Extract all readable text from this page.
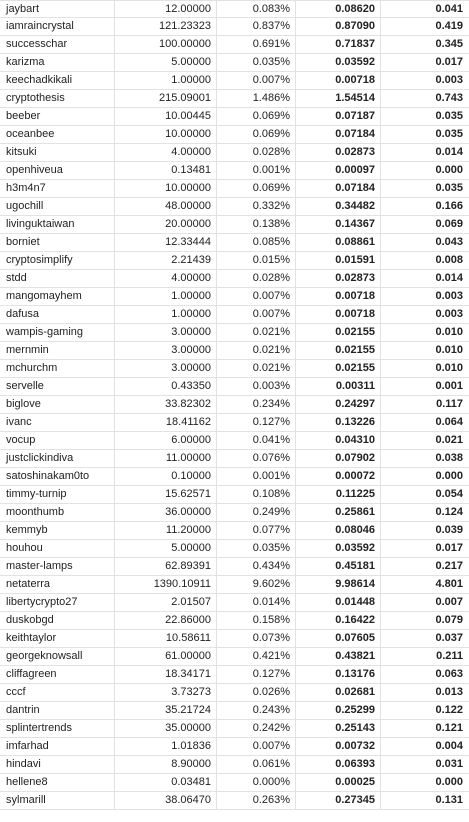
jaybart	12.00000	0.083%	0.08620	0.041
iamraincrystal	121.23323	0.837%	0.87090	0.419
successchar	100.00000	0.691%	0.71837	0.345
karizma	5.00000	0.035%	0.03592	0.017
keechadkikali	1.00000	0.007%	0.00718	0.003
cryptothesis	215.09001	1.486%	1.54514	0.743
beeber	10.00445	0.069%	0.07187	0.035
oceanbee	10.00000	0.069%	0.07184	0.035
kitsuki	4.00000	0.028%	0.02873	0.014
openhiveua	0.13481	0.001%	0.00097	0.000
h3m4n7	10.00000	0.069%	0.07184	0.035
ugochill	48.00000	0.332%	0.34482	0.166
livinguktaiwan	20.00000	0.138%	0.14367	0.069
borniet	12.33444	0.085%	0.08861	0.043
cryptosimplify	2.21439	0.015%	0.01591	0.008
stdd	4.00000	0.028%	0.02873	0.014
mangomayhem	1.00000	0.007%	0.00718	0.003
dafusa	1.00000	0.007%	0.00718	0.003
wampis-gaming	3.00000	0.021%	0.02155	0.010
mernmin	3.00000	0.021%	0.02155	0.010
mchurchm	3.00000	0.021%	0.02155	0.010
servelle	0.43350	0.003%	0.00311	0.001
biglove	33.82302	0.234%	0.24297	0.117
ivanc	18.41162	0.127%	0.13226	0.064
vocup	6.00000	0.041%	0.04310	0.021
justclickindiva	11.00000	0.076%	0.07902	0.038
satoshinakam0to	0.10000	0.001%	0.00072	0.000
timmy-turnip	15.62571	0.108%	0.11225	0.054
moonthumb	36.00000	0.249%	0.25861	0.124
kemmyb	11.20000	0.077%	0.08046	0.039
houhou	5.00000	0.035%	0.03592	0.017
master-lamps	62.89391	0.434%	0.45181	0.217
netaterra	1390.10911	9.602%	9.98614	4.801
libertycrypto27	2.01507	0.014%	0.01448	0.007
duskobgd	22.86000	0.158%	0.16422	0.079
keithtaylor	10.58611	0.073%	0.07605	0.037
georgeknowsall	61.00000	0.421%	0.43821	0.211
cliffagreen	18.34171	0.127%	0.13176	0.063
cccf	3.73273	0.026%	0.02681	0.013
dantrin	35.21724	0.243%	0.25299	0.122
splintertrends	35.00000	0.242%	0.25143	0.121
imfarhad	1.01836	0.007%	0.00732	0.004
hindavi	8.90000	0.061%	0.06393	0.031
hellene8	0.03481	0.000%	0.00025	0.000
sylmarill	38.06470	0.263%	0.27345	0.131
